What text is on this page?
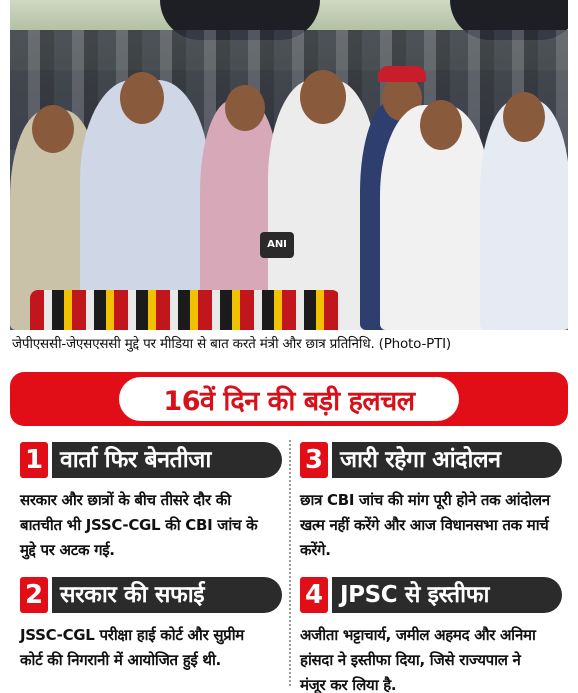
ANI
जेपीएससी-जेएसएससी मुद्दे पर मीडिया से बात करते मंत्री और छात्र प्रतिनिधि. (Photo-PTI)
16वें दिन की बड़ी हलचल
1 वार्ता फिर बेनतीजा
सरकार और छात्रों के बीच तीसरे दौर की बातचीत भी JSSC-CGL की CBI जांच के मुद्दे पर अटक गई.
2 सरकार की सफाई
JSSC-CGL परीक्षा हाई कोर्ट और सुप्रीम कोर्ट की निगरानी में आयोजित हुई थी.
3 जारी रहेगा आंदोलन
छात्र CBI जांच की मांग पूरी होने तक आंदोलन खत्म नहीं करेंगे और आज विधानसभा तक मार्च करेंगे.
4 JPSC से इस्तीफा
अजीता भट्टाचार्य, जमील अहमद और अनिमा हांसदा ने इस्तीफा दिया, जिसे राज्यपाल ने मंजूर कर लिया है.
